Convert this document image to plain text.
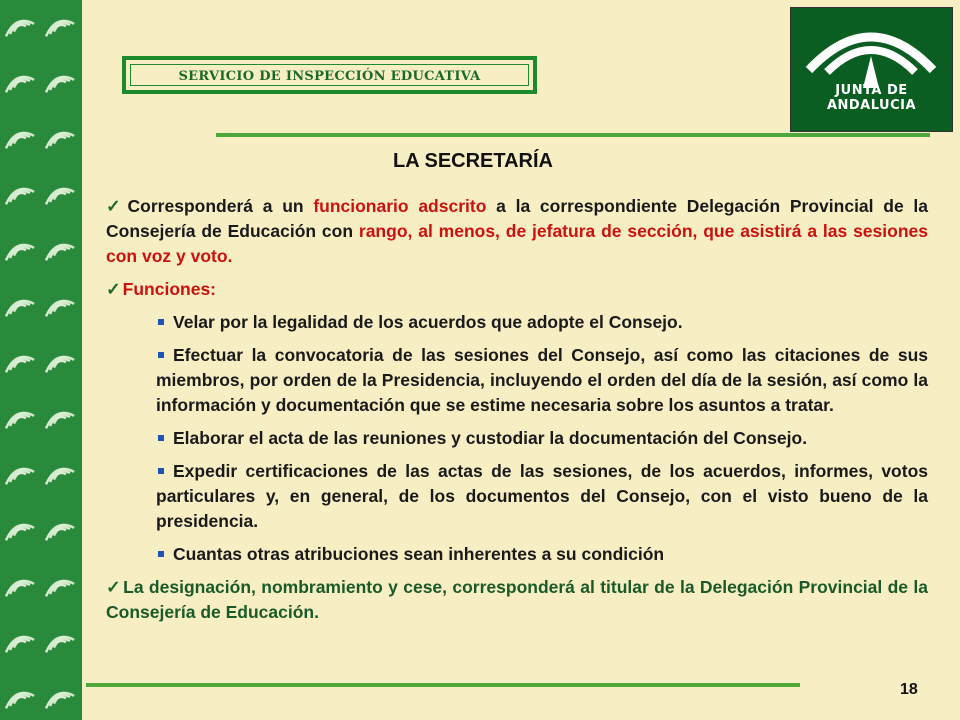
SERVICIO DE INSPECCIÓN EDUCATIVA
JUNTA DE ANDALUCIA
LA SECRETARÍA

✓ Corresponderá a un funcionario adscrito a la correspondiente Delegación Provincial de la Consejería de Educación con rango, al menos, de jefatura de sección, que asistirá a las sesiones con voz y voto.

✓ Funciones:

Velar por la legalidad de los acuerdos que adopte el Consejo.

Efectuar la convocatoria de las sesiones del Consejo, así como las citaciones de sus miembros, por orden de la Presidencia, incluyendo el orden del día de la sesión, así como la información y documentación que se estime necesaria sobre los asuntos a tratar.

Elaborar el acta de las reuniones y custodiar la documentación del Consejo.

Expedir certificaciones de las actas de las sesiones, de los acuerdos, informes, votos particulares y, en general, de los documentos del Consejo, con el visto bueno de la presidencia.

Cuantas otras atribuciones sean inherentes a su condición

✓ La designación, nombramiento y cese, corresponderá al titular de la Delegación Provincial de la Consejería de Educación.

18
